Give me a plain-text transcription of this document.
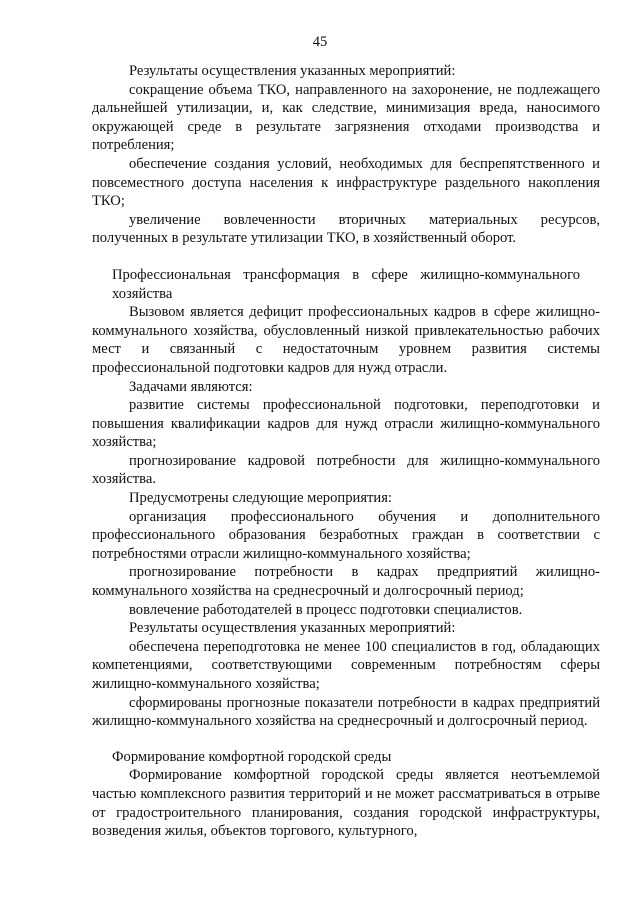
45

Результаты осуществления указанных мероприятий:

сокращение объема ТКО, направленного на захоронение, не подлежащего дальнейшей утилизации, и, как следствие, минимизация вреда, наносимого окружающей среде в результате загрязнения отходами производства и потребления;

обеспечение создания условий, необходимых для беспрепятственного и повсеместного доступа населения к инфраструктуре раздельного накопления ТКО;

увеличение вовлеченности вторичных материальных ресурсов, полученных в результате утилизации ТКО, в хозяйственный оборот.

Профессиональная трансформация в сфере жилищно-коммунального хозяйства

Вызовом является дефицит профессиональных кадров в сфере жилищно-коммунального хозяйства, обусловленный низкой привлекательностью рабочих мест и связанный с недостаточным уровнем развития системы профессиональной подготовки кадров для нужд отрасли.

Задачами являются:

развитие системы профессиональной подготовки, переподготовки и повышения квалификации кадров для нужд отрасли жилищно-коммунального хозяйства;

прогнозирование кадровой потребности для жилищно-коммунального хозяйства.

Предусмотрены следующие мероприятия:

организация профессионального обучения и дополнительного профессионального образования безработных граждан в соответствии с потребностями отрасли жилищно-коммунального хозяйства;

прогнозирование потребности в кадрах предприятий жилищно-коммунального хозяйства на среднесрочный и долгосрочный период;

вовлечение работодателей в процесс подготовки специалистов.

Результаты осуществления указанных мероприятий:

обеспечена переподготовка не менее 100 специалистов в год, обладающих компетенциями, соответствующими современным потребностям сферы жилищно-коммунального хозяйства;

сформированы прогнозные показатели потребности в кадрах предприятий жилищно-коммунального хозяйства на среднесрочный и долгосрочный период.

Формирование комфортной городской среды

Формирование комфортной городской среды является неотъемлемой частью комплексного развития территорий и не может рассматриваться в отрыве от градостроительного планирования, создания городской инфраструктуры, возведения жилья, объектов торгового, культурного,
